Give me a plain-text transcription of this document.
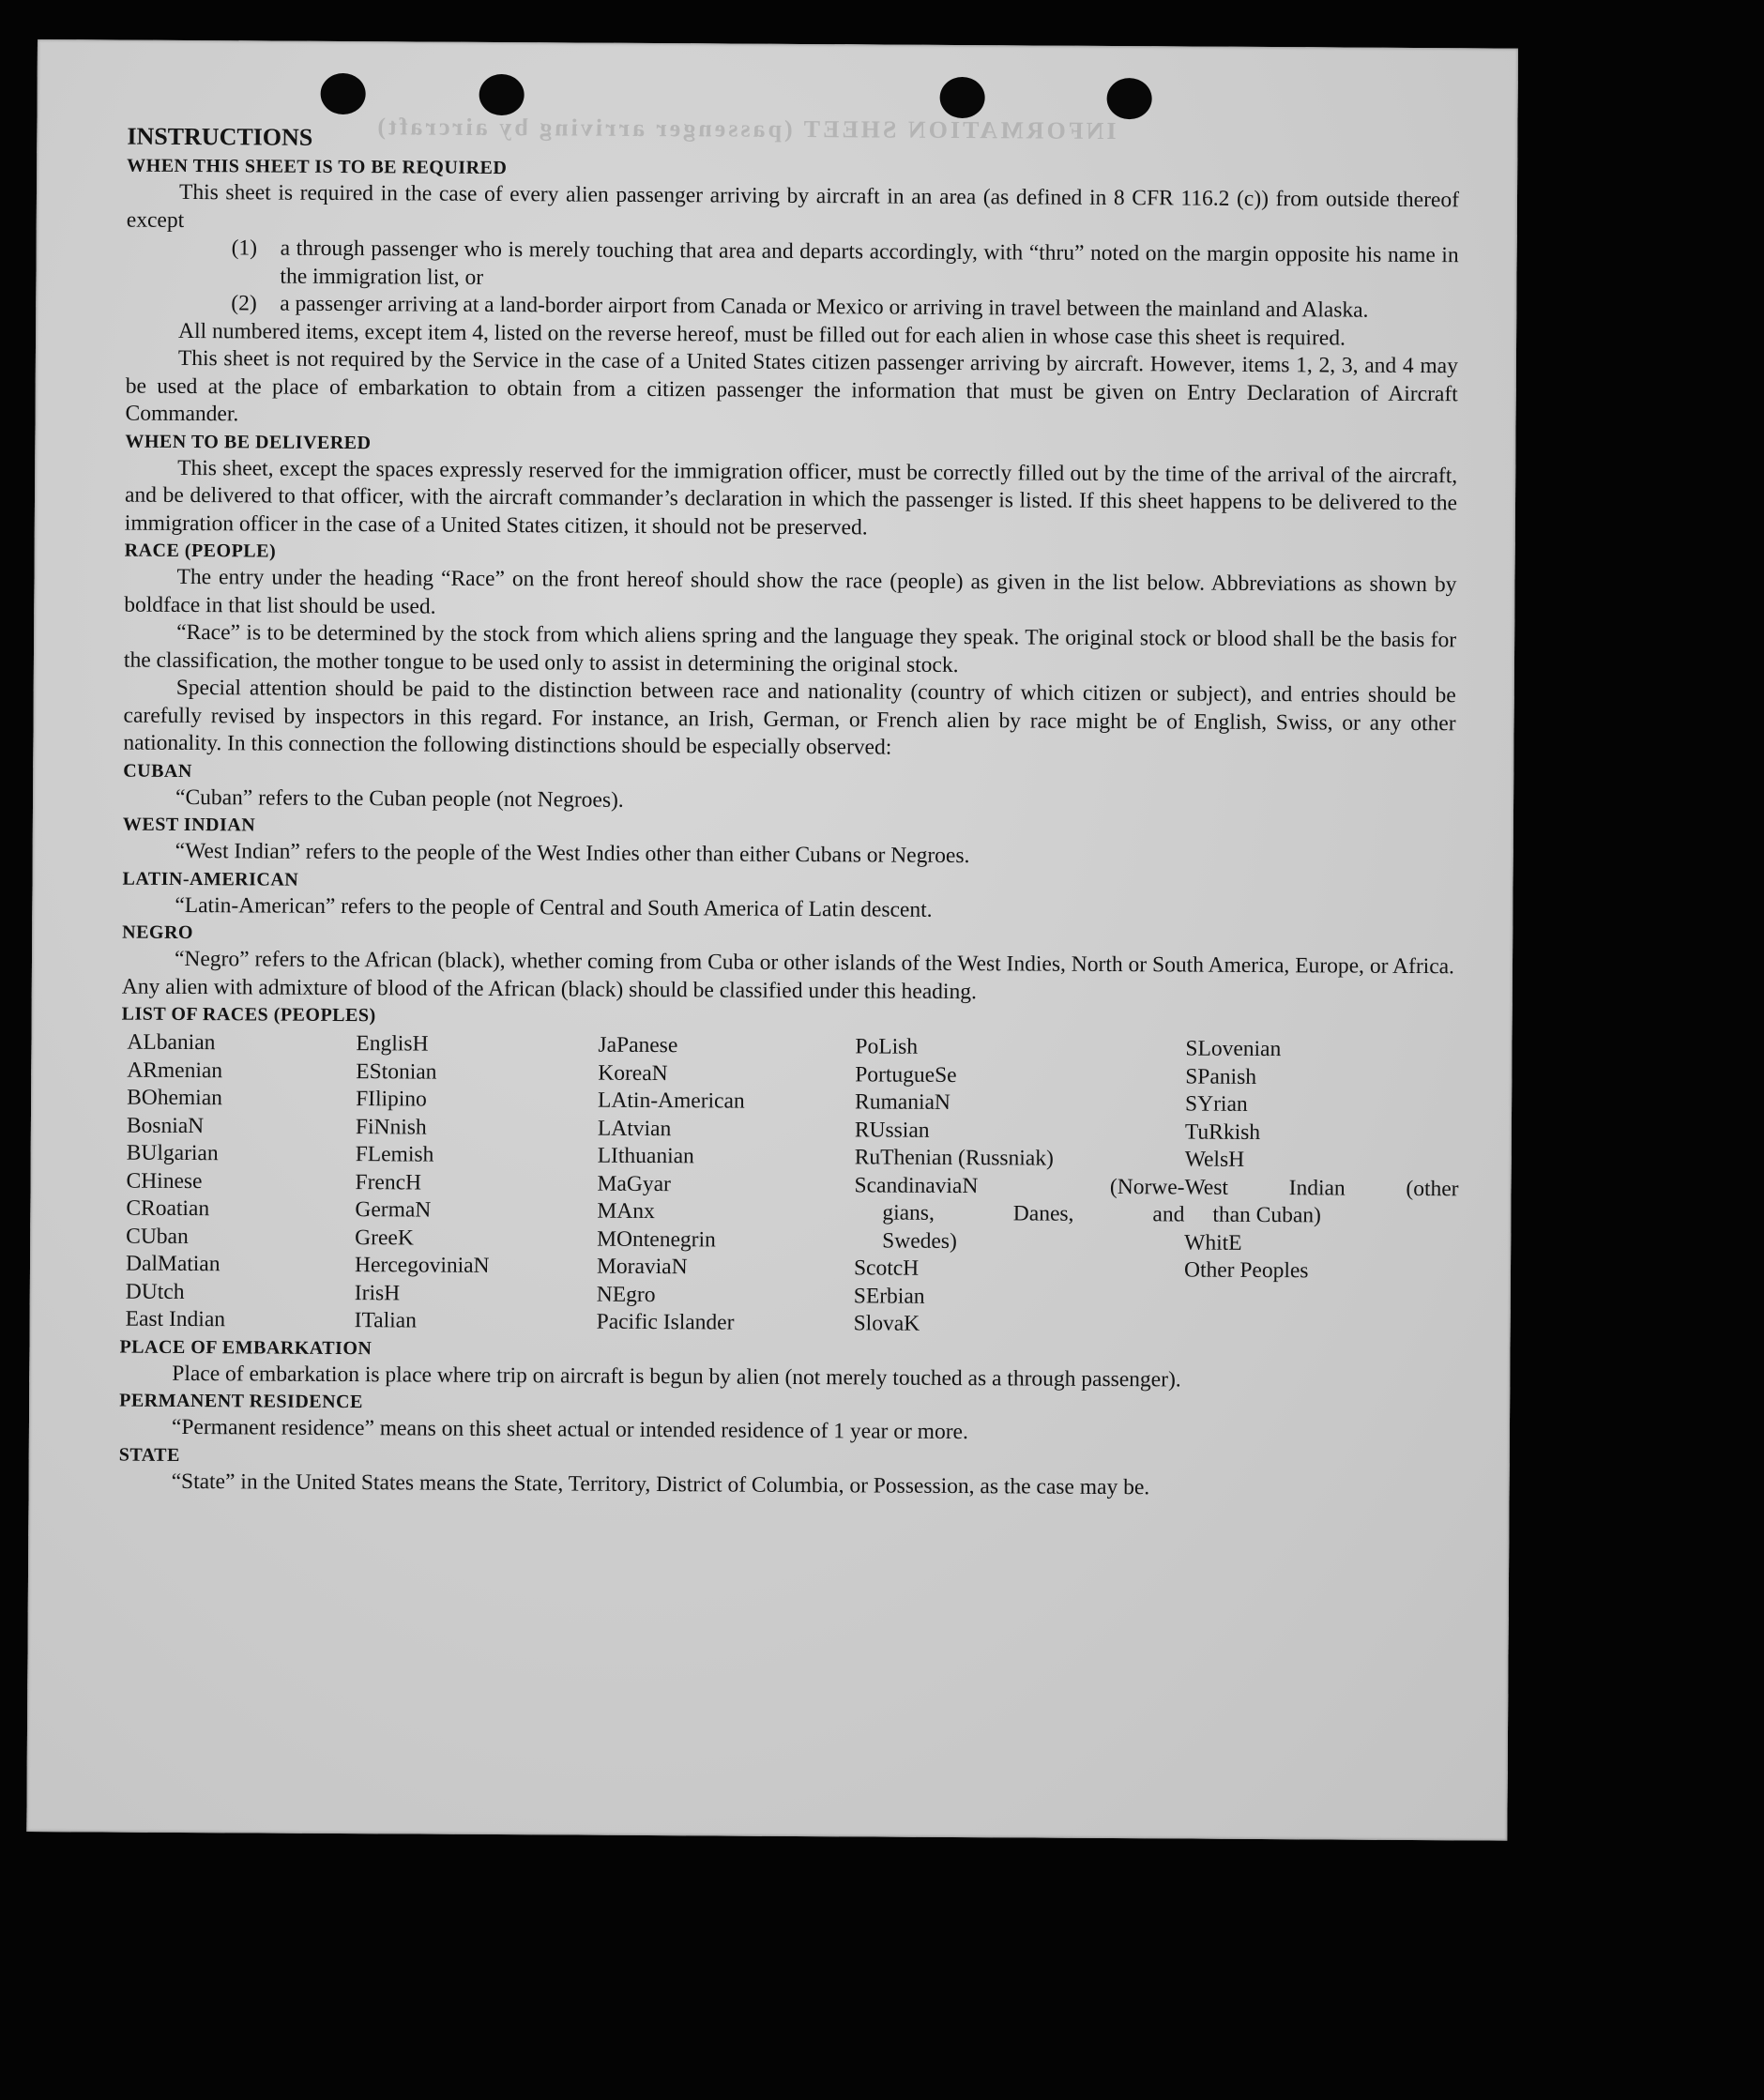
INFORMATION SHEET (passenger arriving by aircraft)

INSTRUCTIONS

WHEN THIS SHEET IS TO BE REQUIRED

This sheet is required in the case of every alien passenger arriving by aircraft in an area (as defined in 8 CFR 116.2 (c)) from outside thereof except

(1)	a through passenger who is merely touching that area and departs accordingly, with “thru” noted on the margin opposite his name in the immigration list, or
(2)	a passenger arriving at a land-border airport from Canada or Mexico or arriving in travel between the mainland and Alaska.

All numbered items, except item 4, listed on the reverse hereof, must be filled out for each alien in whose case this sheet is required.

This sheet is not required by the Service in the case of a United States citizen passenger arriving by aircraft. However, items 1, 2, 3, and 4 may be used at the place of embarkation to obtain from a citizen passenger the information that must be given on Entry Declaration of Aircraft Commander.

WHEN TO BE DELIVERED

This sheet, except the spaces expressly reserved for the immigration officer, must be correctly filled out by the time of the arrival of the aircraft, and be delivered to that officer, with the aircraft commander’s declaration in which the passenger is listed. If this sheet happens to be delivered to the immigration officer in the case of a United States citizen, it should not be preserved.

RACE (PEOPLE)

The entry under the heading “Race” on the front hereof should show the race (people) as given in the list below. Abbreviations as shown by boldface in that list should be used.

“Race” is to be determined by the stock from which aliens spring and the language they speak. The original stock or blood shall be the basis for the classification, the mother tongue to be used only to assist in determining the original stock.

Special attention should be paid to the distinction between race and nationality (country of which citizen or subject), and entries should be carefully revised by inspectors in this regard. For instance, an Irish, German, or French alien by race might be of English, Swiss, or any other nationality. In this connection the following distinctions should be especially observed:

CUBAN

“Cuban” refers to the Cuban people (not Negroes).

WEST INDIAN

“West Indian” refers to the people of the West Indies other than either Cubans or Negroes.

LATIN-AMERICAN

“Latin-American” refers to the people of Central and South America of Latin descent.

NEGRO

“Negro” refers to the African (black), whether coming from Cuba or other islands of the West Indies, North or South America, Europe, or Africa. Any alien with admixture of blood of the African (black) should be classified under this heading.

LIST OF RACES (PEOPLES)

ALbanian
ARmenian
BOhemian
BosniaN
BUlgarian
CHinese
CRoatian
CUban
DalMatian
DUtch
East Indian
EnglisH
EStonian
FIlipino
FiNnish
FLemish
FrencH
GermaN
GreeK
HercegoviniaN
IrisH
ITalian
JaPanese
KoreaN
LAtin-American
LAtvian
LIthuanian
MaGyar
MAnx
MOntenegrin
MoraviaN
NEgro
Pacific Islander
PoLish
PortugueSe
RumaniaN
RUssian
RuThenian (Russniak)
ScandinaviaN (Norwe-
gians, Danes, and
Swedes)
ScotcH
SErbian
SlovaK
SLovenian
SPanish
SYrian
TuRkish
WelsH
West Indian (other
than Cuban)
WhitE
Other Peoples

PLACE OF EMBARKATION

Place of embarkation is place where trip on aircraft is begun by alien (not merely touched as a through passenger).

PERMANENT RESIDENCE

“Permanent residence” means on this sheet actual or intended residence of 1 year or more.

STATE

“State” in the United States means the State, Territory, District of Columbia, or Possession, as the case may be.
